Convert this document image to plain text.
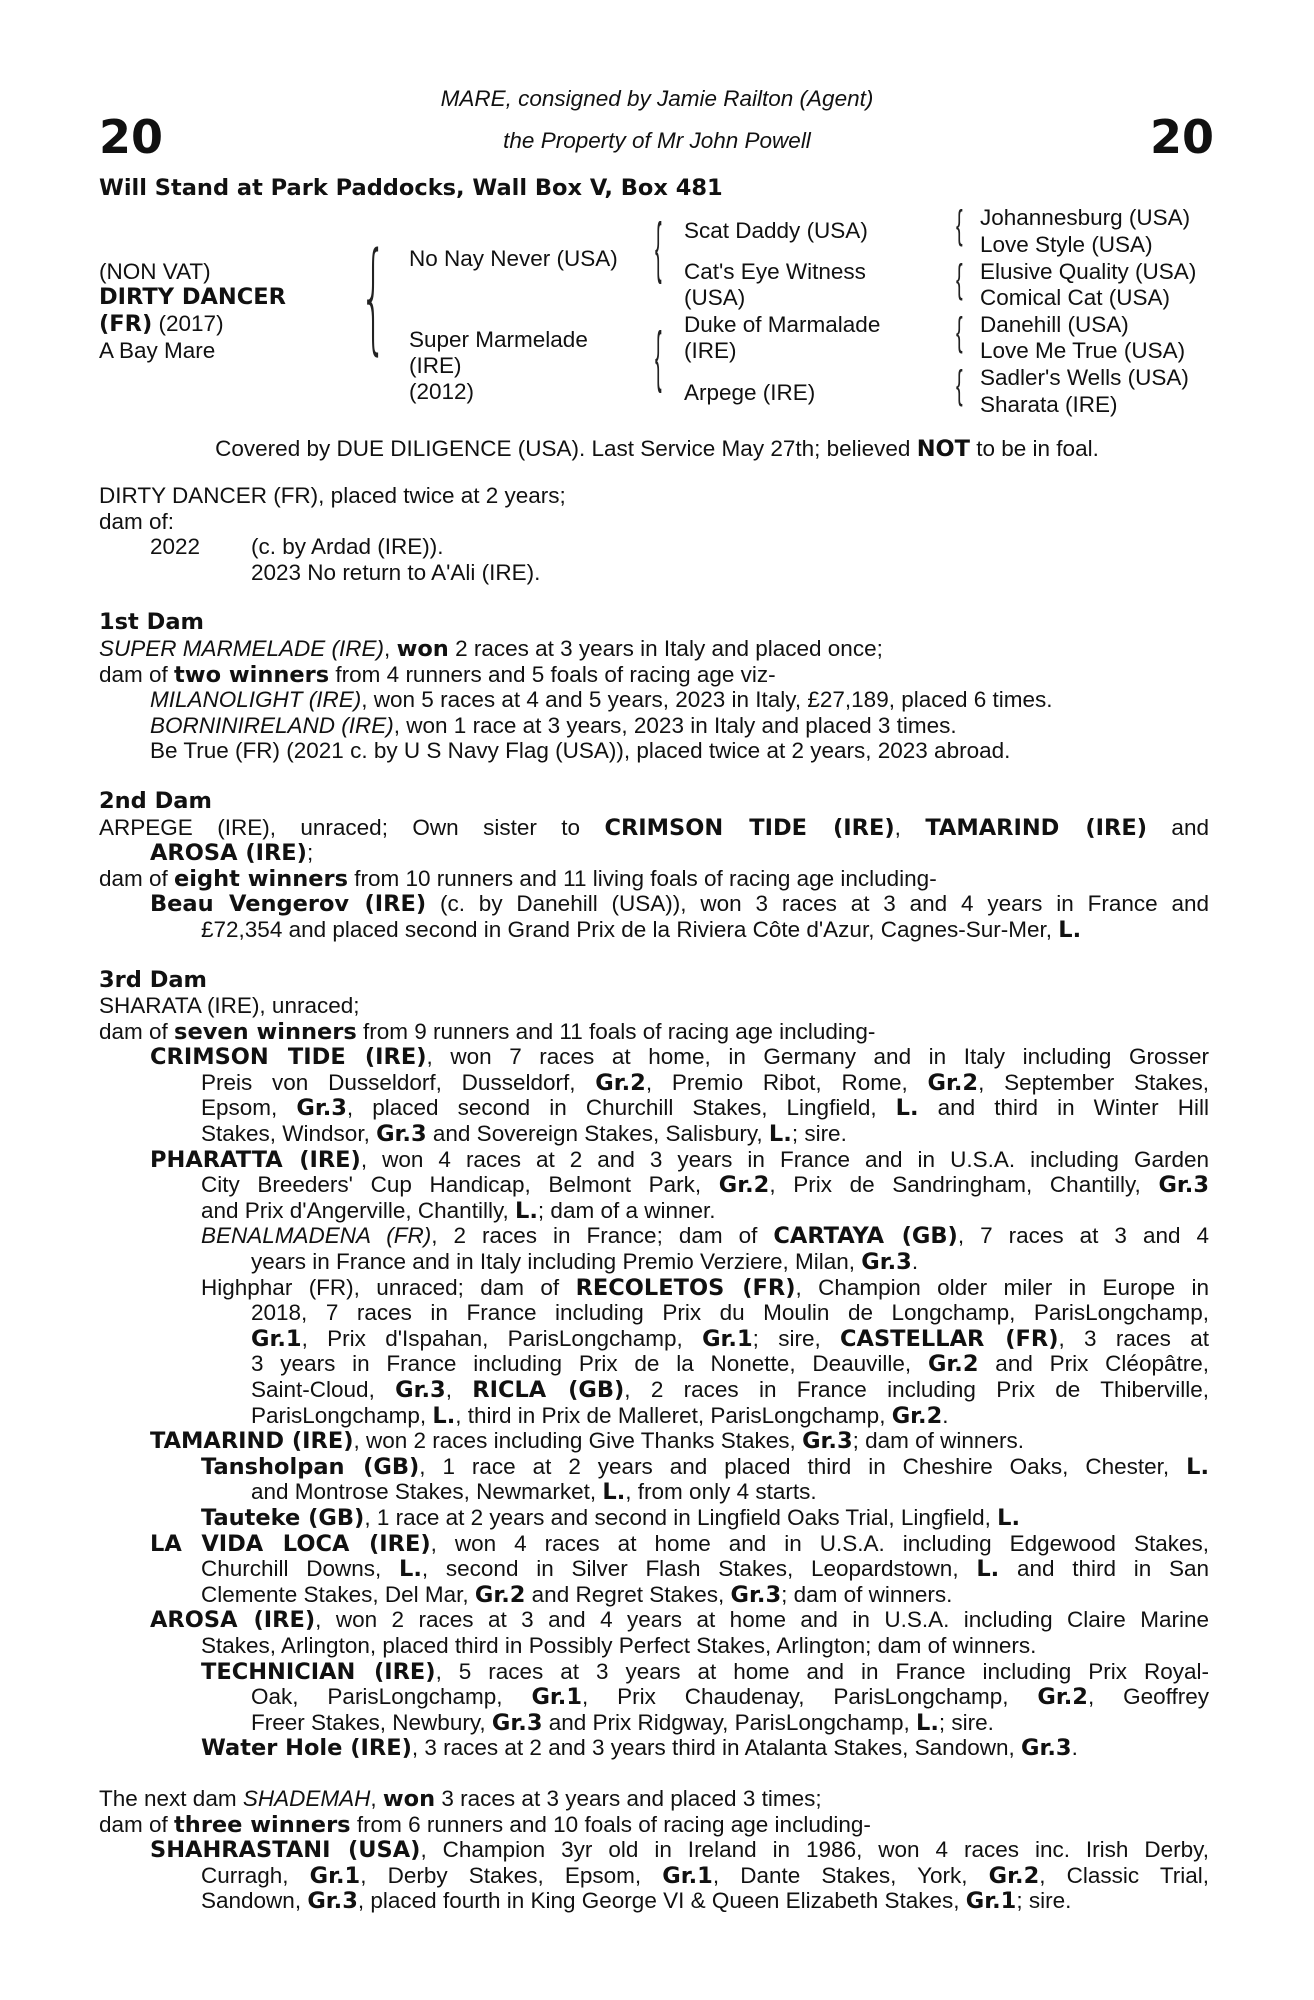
20	20
MARE, consigned by Jamie Railton (Agent)
the Property of Mr John Powell
Will Stand at Park Paddocks, Wall Box V, Box 481
(NON VAT)
DIRTY DANCER
(FR) (2017)
A Bay Mare { No Nay Never (USA)
Super Marmelade
(IRE)
(2012)
{
{
Scat Daddy (USA)
Cat's Eye Witness
(USA)
Duke of Marmalade
(IRE)
Arpege (IRE)
{
{
{
{
Johannesburg (USA)
Love Style (USA)
Elusive Quality (USA)
Comical Cat (USA)
Danehill (USA)
Love Me True (USA)
Sadler's Wells (USA)
Sharata (IRE)
Covered by DUE DILIGENCE (USA). Last Service May 27th; believed NOT to be in foal.
DIRTY DANCER (FR), placed twice at 2 years;
dam of:
2022 (c. by Ardad (IRE)).
2023 No return to A'Ali (IRE).
1st Dam
SUPER MARMELADE (IRE), won 2 races at 3 years in Italy and placed once;
dam of two winners from 4 runners and 5 foals of racing age viz-
MILANOLIGHT (IRE), won 5 races at 4 and 5 years, 2023 in Italy, £27,189, placed 6 times.
BORNINIRELAND (IRE), won 1 race at 3 years, 2023 in Italy and placed 3 times.
Be True (FR) (2021 c. by U S Navy Flag (USA)), placed twice at 2 years, 2023 abroad.
2nd Dam
ARPEGE (IRE), unraced; Own sister to CRIMSON TIDE (IRE), TAMARIND (IRE) and
AROSA (IRE);
dam of eight winners from 10 runners and 11 living foals of racing age including-
Beau Vengerov (IRE) (c. by Danehill (USA)), won 3 races at 3 and 4 years in France and
£72,354 and placed second in Grand Prix de la Riviera Côte d'Azur, Cagnes-Sur-Mer, L.
3rd Dam
SHARATA (IRE), unraced;
dam of seven winners from 9 runners and 11 foals of racing age including-
CRIMSON TIDE (IRE), won 7 races at home, in Germany and in Italy including Grosser
Preis von Dusseldorf, Dusseldorf, Gr.2, Premio Ribot, Rome, Gr.2, September Stakes,
Epsom, Gr.3, placed second in Churchill Stakes, Lingfield, L. and third in Winter Hill
Stakes, Windsor, Gr.3 and Sovereign Stakes, Salisbury, L.; sire.
PHARATTA (IRE), won 4 races at 2 and 3 years in France and in U.S.A. including Garden
City Breeders' Cup Handicap, Belmont Park, Gr.2, Prix de Sandringham, Chantilly, Gr.3
and Prix d'Angerville, Chantilly, L.; dam of a winner.
BENALMADENA (FR), 2 races in France; dam of CARTAYA (GB), 7 races at 3 and 4
years in France and in Italy including Premio Verziere, Milan, Gr.3.
Highphar (FR), unraced; dam of RECOLETOS (FR), Champion older miler in Europe in
2018, 7 races in France including Prix du Moulin de Longchamp, ParisLongchamp,
Gr.1, Prix d'Ispahan, ParisLongchamp, Gr.1; sire, CASTELLAR (FR), 3 races at
3 years in France including Prix de la Nonette, Deauville, Gr.2 and Prix Cléopâtre,
Saint-Cloud, Gr.3, RICLA (GB), 2 races in France including Prix de Thiberville,
ParisLongchamp, L., third in Prix de Malleret, ParisLongchamp, Gr.2.
TAMARIND (IRE), won 2 races including Give Thanks Stakes, Gr.3; dam of winners.
Tansholpan (GB), 1 race at 2 years and placed third in Cheshire Oaks, Chester, L.
and Montrose Stakes, Newmarket, L., from only 4 starts.
Tauteke (GB), 1 race at 2 years and second in Lingfield Oaks Trial, Lingfield, L.
LA VIDA LOCA (IRE), won 4 races at home and in U.S.A. including Edgewood Stakes,
Churchill Downs, L., second in Silver Flash Stakes, Leopardstown, L. and third in San
Clemente Stakes, Del Mar, Gr.2 and Regret Stakes, Gr.3; dam of winners.
AROSA (IRE), won 2 races at 3 and 4 years at home and in U.S.A. including Claire Marine
Stakes, Arlington, placed third in Possibly Perfect Stakes, Arlington; dam of winners.
TECHNICIAN (IRE), 5 races at 3 years at home and in France including Prix Royal-
Oak, ParisLongchamp, Gr.1, Prix Chaudenay, ParisLongchamp, Gr.2, Geoffrey
Freer Stakes, Newbury, Gr.3 and Prix Ridgway, ParisLongchamp, L.; sire.
Water Hole (IRE), 3 races at 2 and 3 years third in Atalanta Stakes, Sandown, Gr.3.
The next dam SHADEMAH, won 3 races at 3 years and placed 3 times;
dam of three winners from 6 runners and 10 foals of racing age including-
SHAHRASTANI (USA), Champion 3yr old in Ireland in 1986, won 4 races inc. Irish Derby,
Curragh, Gr.1, Derby Stakes, Epsom, Gr.1, Dante Stakes, York, Gr.2, Classic Trial,
Sandown, Gr.3, placed fourth in King George VI & Queen Elizabeth Stakes, Gr.1; sire.
